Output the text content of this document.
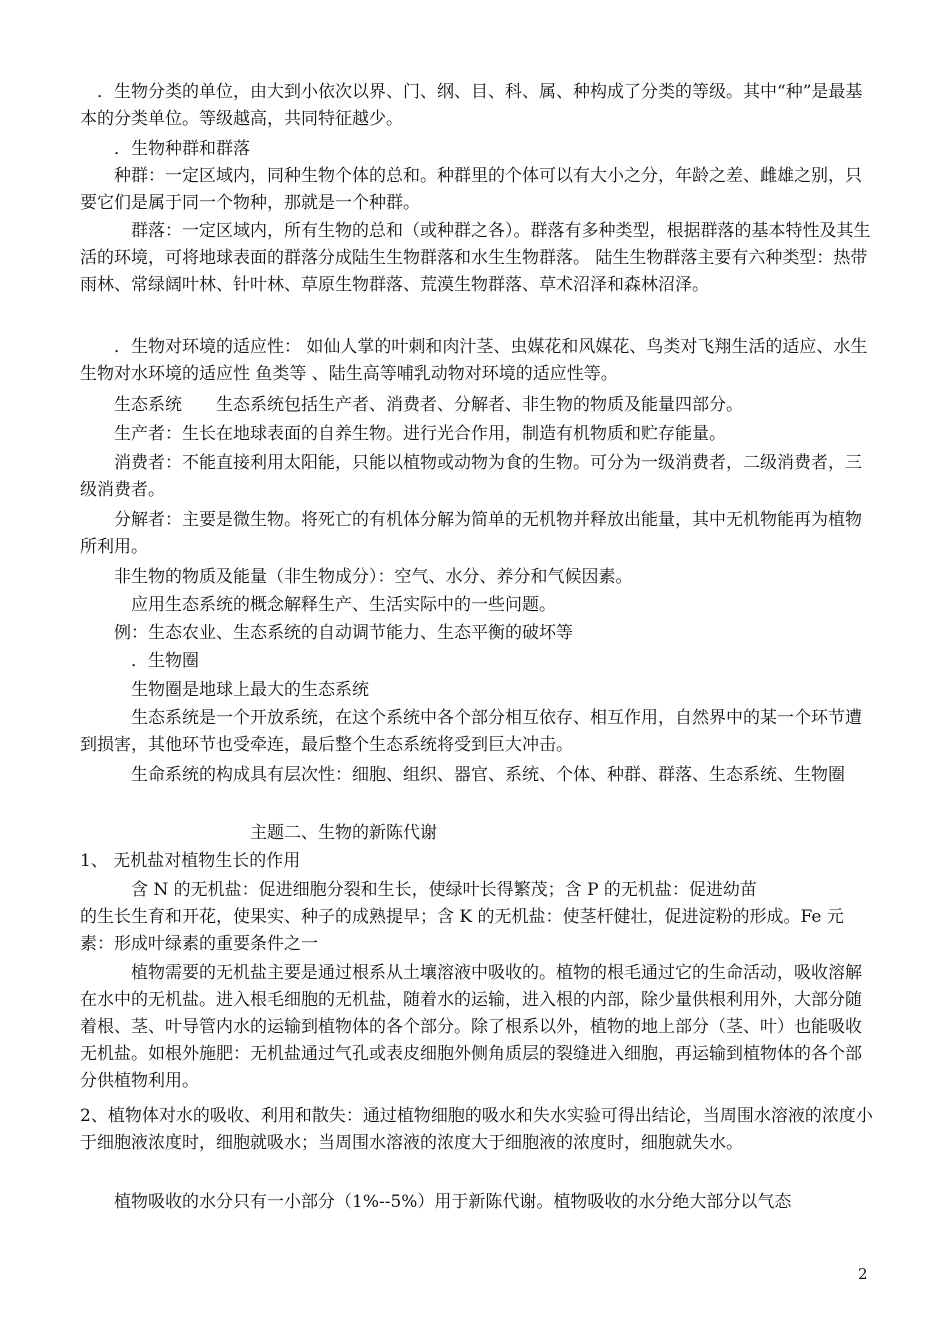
　．生物分类的单位，由大到小依次以界、门、纲、目、科、属、种构成了分类的等级。其中“种”是最基本的分类单位。等级越高，共同特征越少。

　　．生物种群和群落

　　种群：一定区域内，同种生物个体的总和。种群里的个体可以有大小之分，年龄之差、雌雄之别，只要它们是属于同一个物种，那就是一个种群。

　　　群落：一定区域内，所有生物的总和（或种群之各）。群落有多种类型，根据群落的基本特性及其生活的环境，可将地球表面的群落分成陆生生物群落和水生生物群落。 陆生生物群落主要有六种类型：热带雨林、常绿阔叶林、针叶林、草原生物群落、荒漠生物群落、草术沼泽和森林沼泽。

　　．生物对环境的适应性： 如仙人掌的叶刺和肉汁茎、虫媒花和风媒花、鸟类对飞翔生活的适应、水生生物对水环境的适应性 鱼类等 、陆生高等哺乳动物对环境的适应性等。

　　生态系统　　生态系统包括生产者、消费者、分解者、非生物的物质及能量四部分。

　　生产者：生长在地球表面的自养生物。进行光合作用，制造有机物质和贮存能量。

　　消费者：不能直接利用太阳能，只能以植物或动物为食的生物。可分为一级消费者，二级消费者，三级消费者。

　　分解者：主要是微生物。将死亡的有机体分解为简单的无机物并释放出能量，其中无机物能再为植物所利用。

　　非生物的物质及能量（非生物成分）：空气、水分、养分和气候因素。

　　　应用生态系统的概念解释生产、生活实际中的一些问题。

　　例：生态农业、生态系统的自动调节能力、生态平衡的破坏等

　　　．生物圈

　　　生物圈是地球上最大的生态系统

　　　生态系统是一个开放系统，在这个系统中各个部分相互依存、相互作用，自然界中的某一个环节遭到损害，其他环节也受牵连，最后整个生态系统将受到巨大冲击。

　　　生命系统的构成具有层次性：细胞、组织、器官、系统、个体、种群、群落、生态系统、生物圈

　　　　　　　　　　主题二、生物的新陈代谢

1、 无机盐对植物生长的作用

　　　含 N 的无机盐：促进细胞分裂和生长，使绿叶长得繁茂；含 P 的无机盐：促进幼苗

的生长生育和开花，使果实、种子的成熟提早；含 K 的无机盐：使茎杆健壮，促进淀粉的形成。Fe 元素：形成叶绿素的重要条件之一

　　　植物需要的无机盐主要是通过根系从土壤溶液中吸收的。植物的根毛通过它的生命活动，吸收溶解在水中的无机盐。进入根毛细胞的无机盐，随着水的运输，进入根的内部，除少量供根利用外，大部分随着根、茎、叶导管内水的运输到植物体的各个部分。除了根系以外，植物的地上部分（茎、叶）也能吸收无机盐。如根外施肥：无机盐通过气孔或表皮细胞外侧角质层的裂缝进入细胞，再运输到植物体的各个部分供植物利用。

2、植物体对水的吸收、利用和散失：通过植物细胞的吸水和失水实验可得出结论，当周围水溶液的浓度小于细胞液浓度时，细胞就吸水；当周围水溶液的浓度大于细胞液的浓度时，细胞就失水。

　　植物吸收的水分只有一小部分（1%--5%）用于新陈代谢。植物吸收的水分绝大部分以气态

2
